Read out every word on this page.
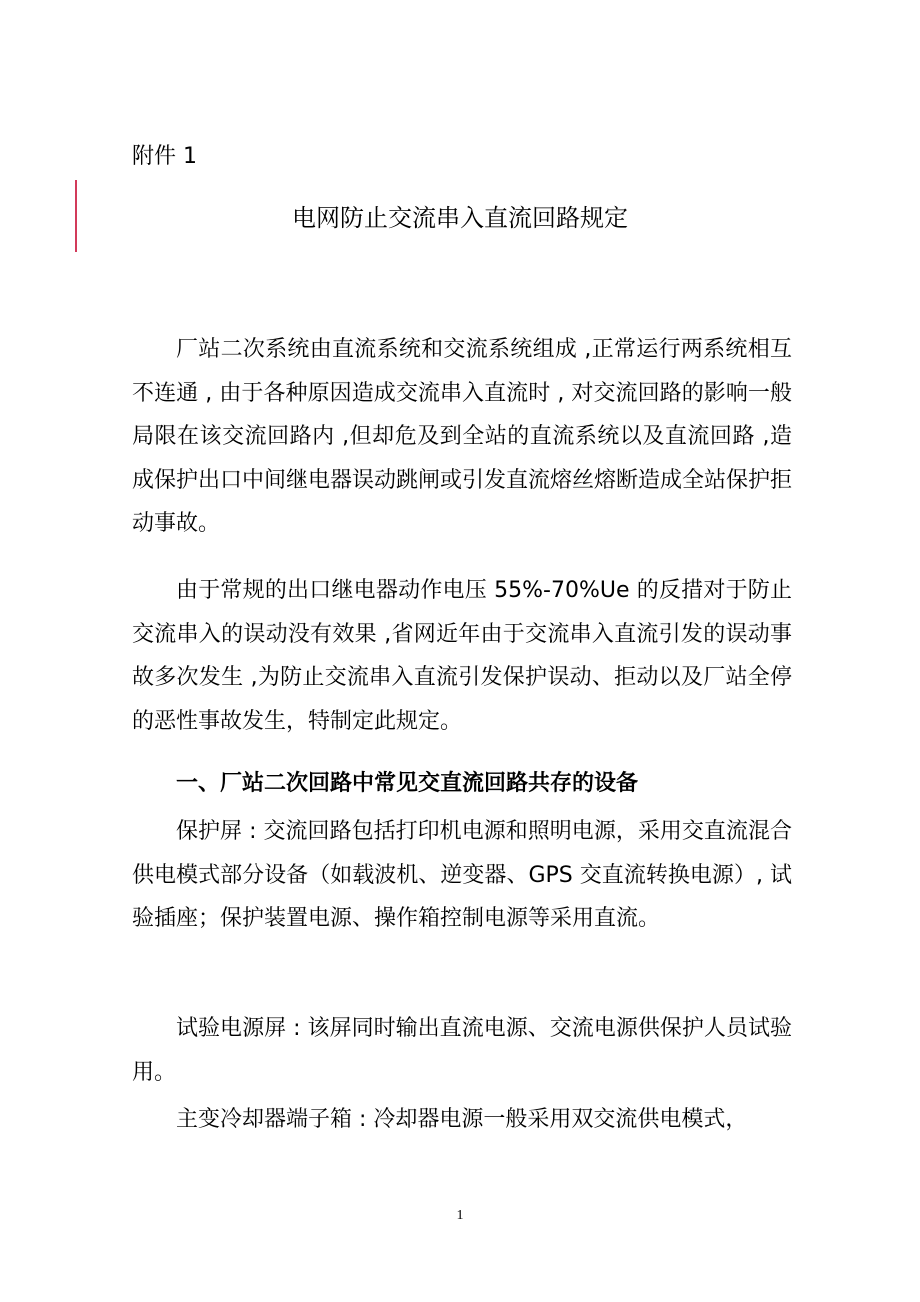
附件 1
电网防止交流串入直流回路规定

厂站二次系统由直流系统和交流系统组成 ,正常运行两系统相互不连通 , 由于各种原因造成交流串入直流时 , 对交流回路的影响一般局限在该交流回路内 ,但却危及到全站的直流系统以及直流回路 ,造成保护出口中间继电器误动跳闸或引发直流熔丝熔断造成全站保护拒动事故。

由于常规的出口继电器动作电压 55%-70%Ue 的反措对于防止交流串入的误动没有效果 ,省网近年由于交流串入直流引发的误动事故多次发生 ,为防止交流串入直流引发保护误动、拒动以及厂站全停的恶性事故发生，特制定此规定。

一、厂站二次回路中常见交直流回路共存的设备

保护屏 : 交流回路包括打印机电源和照明电源，采用交直流混合供电模式部分设备（如载波机、逆变器、GPS 交直流转换电源）, 试验插座；保护装置电源、操作箱控制电源等采用直流。

试验电源屏 : 该屏同时输出直流电源、交流电源供保护人员试验用。

主变冷却器端子箱 : 冷却器电源一般采用双交流供电模式，

1
